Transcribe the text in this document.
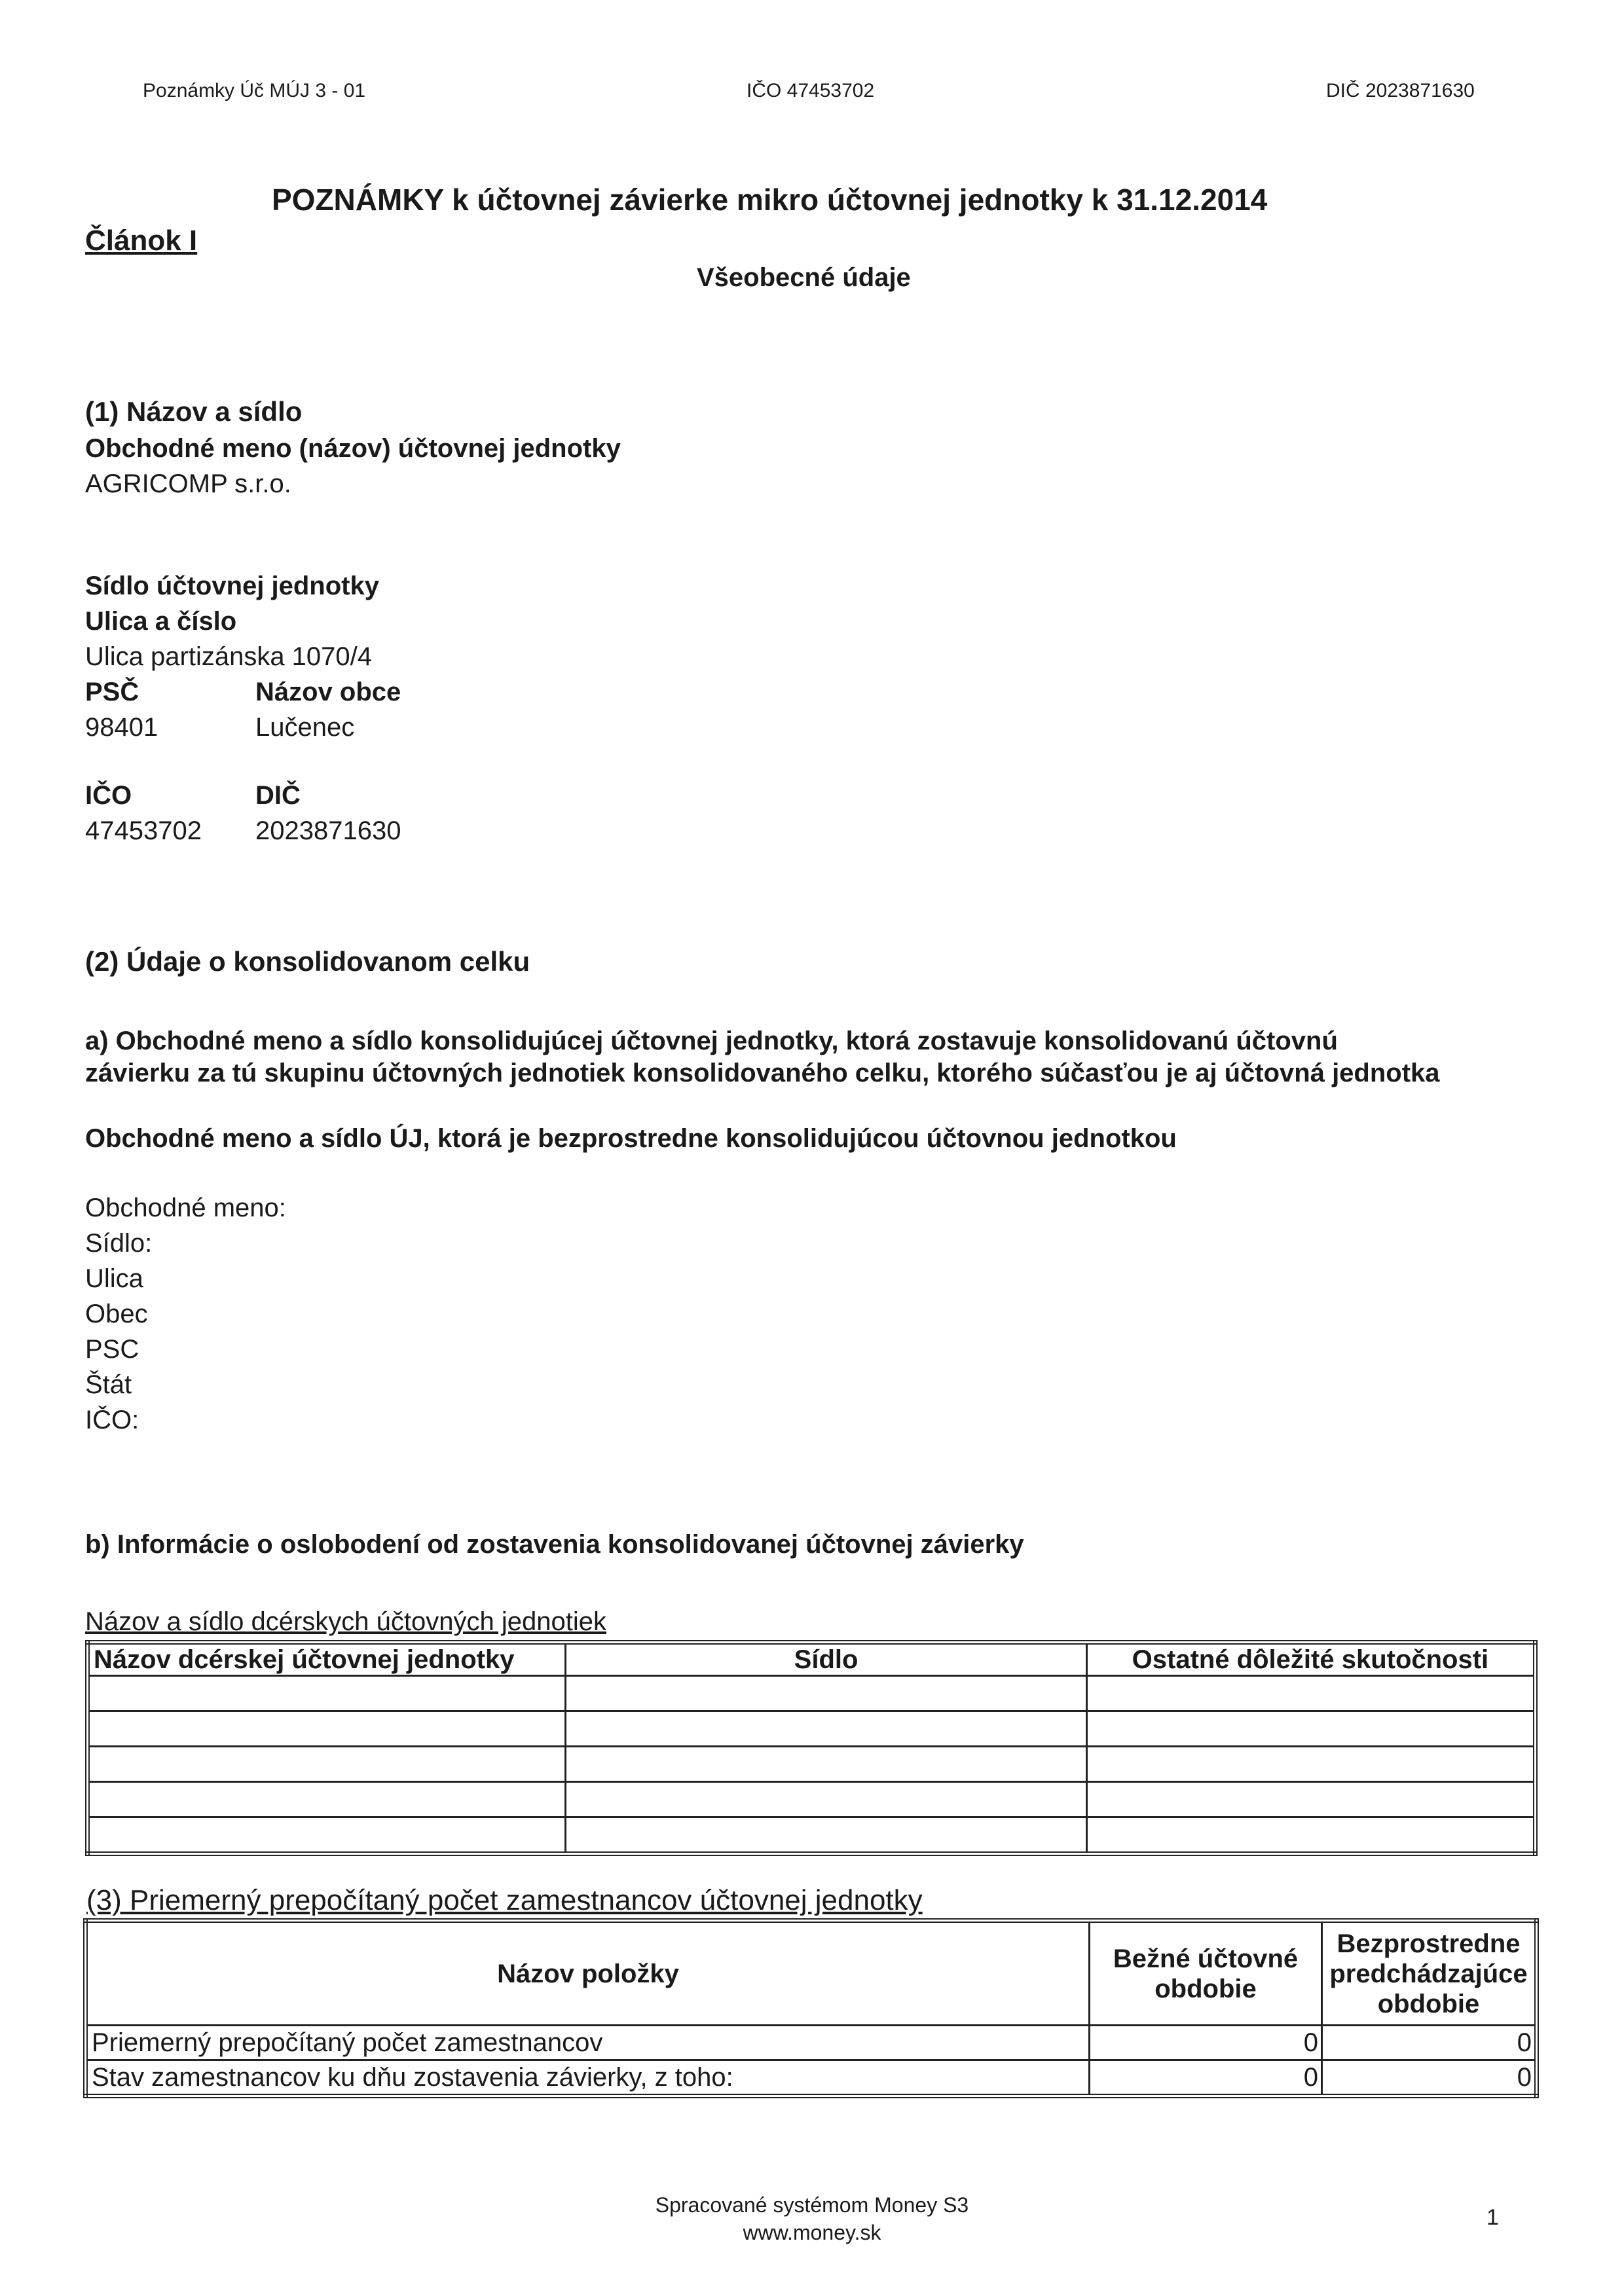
Poznámky Úč MÚJ 3 - 01	IČO 47453702	DIČ 2023871630
POZNÁMKY k účtovnej závierke mikro účtovnej jednotky k 31.12.2014
Článok I
Všeobecné údaje
(1) Názov a sídlo
Obchodné meno (názov) účtovnej jednotky
AGRICOMP s.r.o.
Sídlo účtovnej jednotky
Ulica a číslo
Ulica partizánska 1070/4
PSČ	Názov obce
98401	Lučenec
IČO	DIČ
47453702 2023871630
(2) Údaje o konsolidovanom celku
a) Obchodné meno a sídlo konsolidujúcej účtovnej jednotky, ktorá zostavuje konsolidovanú účtovnú
závierku za tú skupinu účtovných jednotiek konsolidovaného celku, ktorého súčasťou je aj účtovná jednotka
Obchodné meno a sídlo ÚJ, ktorá je bezprostredne konsolidujúcou účtovnou jednotkou
Obchodné meno:
Sídlo:
Ulica
Obec
PSC
Štát
IČO:
b) Informácie o oslobodení od zostavenia konsolidovanej účtovnej závierky
Názov a sídlo dcérskych účtovných jednotiek
Názov dcérskej účtovnej jednotky	Sídlo	Ostatné dôležité skutočnosti

(3) Priemerný prepočítaný počet zamestnancov účtovnej jednotky
Názov položky	Bežné účtovné obdobie	Bezprostredne predchádzajúce obdobie
Priemerný prepočítaný počet zamestnancov	0	0
Stav zamestnancov ku dňu zostavenia závierky, z toho:	0	0
Spracované systémom Money S3
www.money.sk
1
